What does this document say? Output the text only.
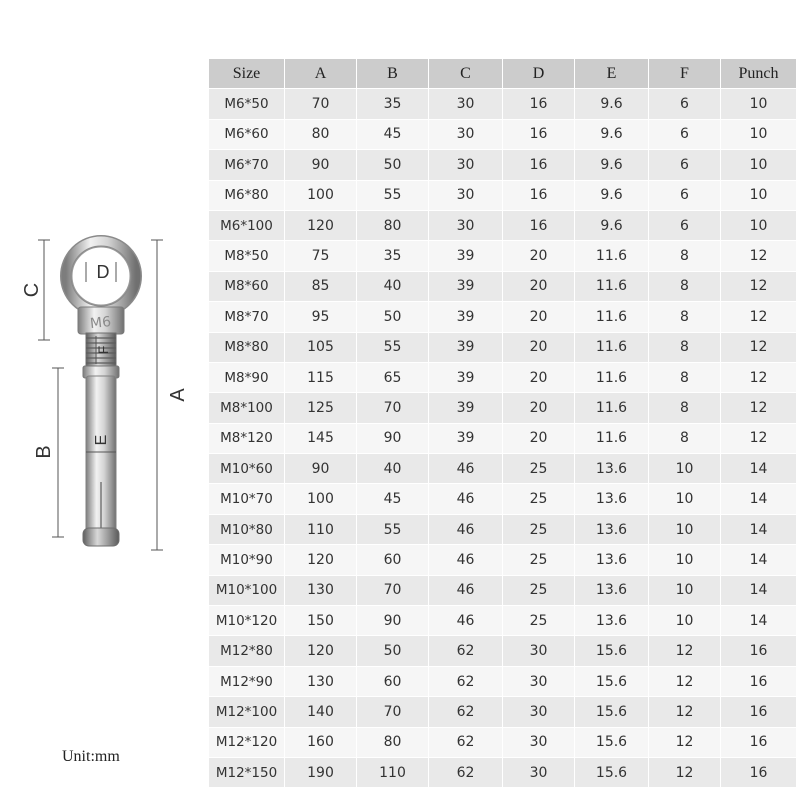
M6
A
C
B
D
E
F
Unit:mm
Size	A	B	C	D	E	F	Punch
M6*50	70	35	30	16	9.6	6	10
M6*60	80	45	30	16	9.6	6	10
M6*70	90	50	30	16	9.6	6	10
M6*80	100	55	30	16	9.6	6	10
M6*100	120	80	30	16	9.6	6	10
M8*50	75	35	39	20	11.6	8	12
M8*60	85	40	39	20	11.6	8	12
M8*70	95	50	39	20	11.6	8	12
M8*80	105	55	39	20	11.6	8	12
M8*90	115	65	39	20	11.6	8	12
M8*100	125	70	39	20	11.6	8	12
M8*120	145	90	39	20	11.6	8	12
M10*60	90	40	46	25	13.6	10	14
M10*70	100	45	46	25	13.6	10	14
M10*80	110	55	46	25	13.6	10	14
M10*90	120	60	46	25	13.6	10	14
M10*100	130	70	46	25	13.6	10	14
M10*120	150	90	46	25	13.6	10	14
M12*80	120	50	62	30	15.6	12	16
M12*90	130	60	62	30	15.6	12	16
M12*100	140	70	62	30	15.6	12	16
M12*120	160	80	62	30	15.6	12	16
M12*150	190	110	62	30	15.6	12	16
